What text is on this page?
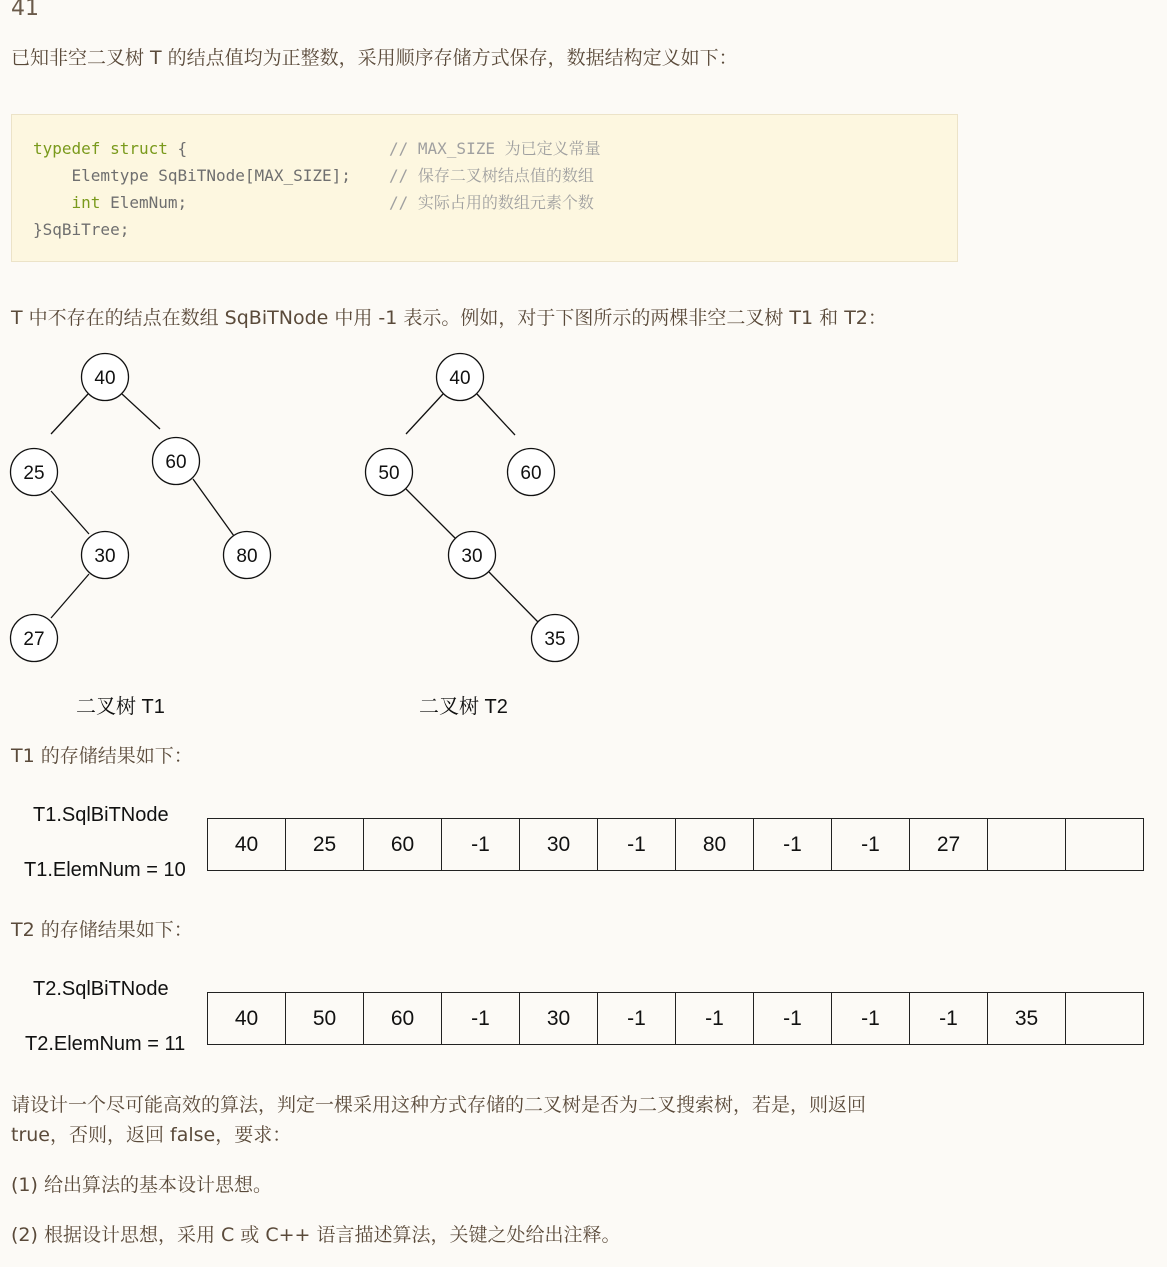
41
已知非空二叉树 T 的结点值均为正整数，采用顺序存储方式保存，数据结构定义如下：
typedef struct {	// MAX_SIZE 为已定义常量
Elemtype SqBiTNode[MAX_SIZE]; // 保存二叉树结点值的数组
int ElemNum;	// 实际占用的数组元素个数
}SqBiTree;
T 中不存在的结点在数组 SqBiTNode 中用 -1 表示。例如，对于下图所示的两棵非空二叉树 T1 和 T2：
40
25
60
30	80
27
40
50	60
30
35
二叉树 T1	二叉树 T2
T1 的存储结果如下：
T1.SqlBiTNode
T1.ElemNum = 10
40	25	60	-1	30	-1	80	-1	-1	27		
T2 的存储结果如下：
T2.SqlBiTNode
T2.ElemNum = 11
40	50	60	-1	30	-1	-1	-1	-1	-1	35	
请设计一个尽可能高效的算法，判定一棵采用这种方式存储的二叉树是否为二叉搜索树，若是，则返回
true，否则，返回 false，要求：
(1) 给出算法的基本设计思想。
(2) 根据设计思想，采用 C 或 C++ 语言描述算法，关键之处给出注释。
